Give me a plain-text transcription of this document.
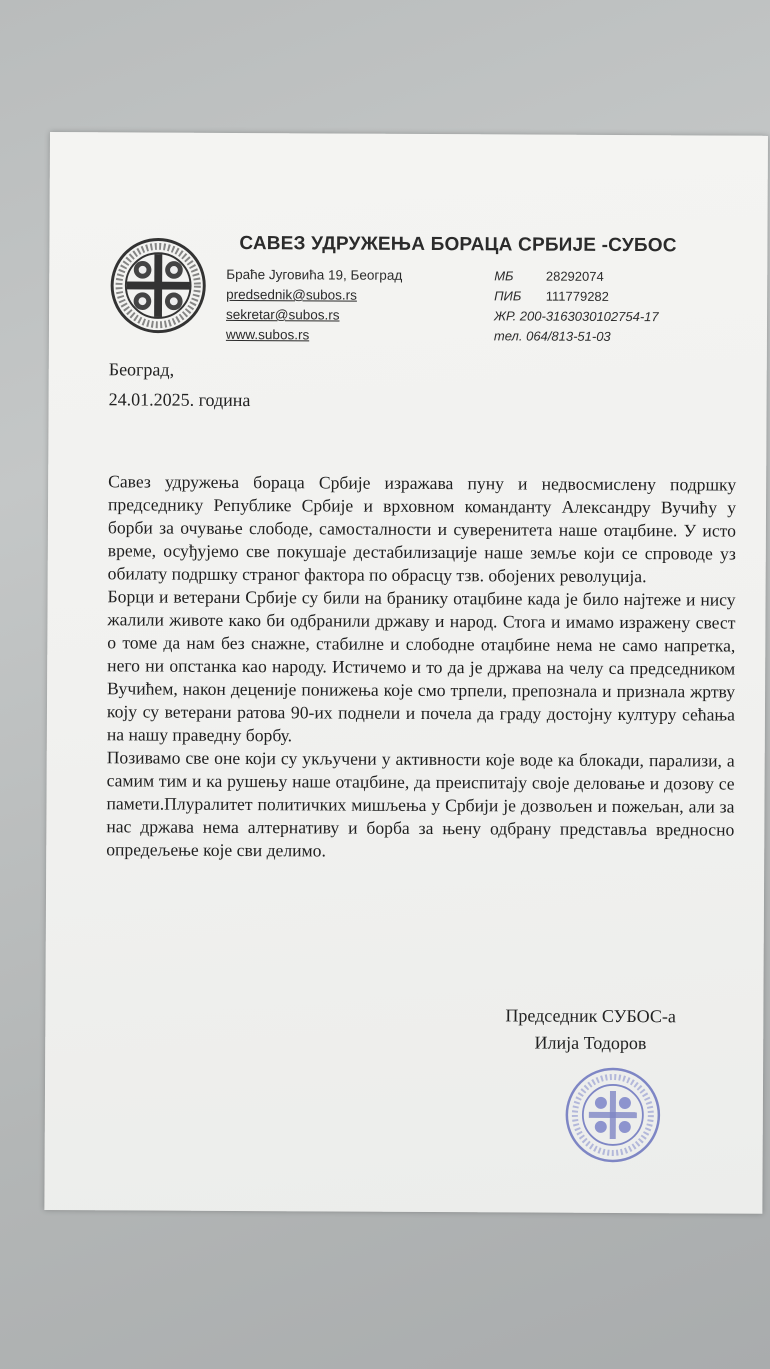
САВЕЗ УДРУЖЕЊА БОРАЦА СРБИЈЕ -СУБОС
Браће Југовића 19, Београд
predsednik@subos.rs
sekretar@subos.rs
www.subos.rs
МБ 28292074
ПИБ 111779282
ЖР. 200-3163030102754-17
тел. 064/813-51-03
Београд,
24.01.2025. година

Савез удружења бораца Србије изражава пуну и недвосмислену подршку председнику Републике Србије и врховном команданту Александру Вучићу у борби за очување слободе, самосталности и суверенитета наше отаџбине. У исто време, осуђујемо све покушаје дестабилизације наше земље који се спроводе уз обилату подршку страног фактора по обрасцу тзв. обојених револуција.

Борци и ветерани Србије су били на бранику отаџбине када је било најтеже и нису жалили животе како би одбранили државу и народ. Стога и имамо изражену свест о томе да нам без снажне, стабилне и слободне отаџбине нема не само напретка, него ни опстанка као народу. Истичемо и то да је држава на челу са председником Вучићем, након деценије понижења које смо трпели, препознала и признала жртву коју су ветерани ратова 90-их поднели и почела да граду достојну културу сећања на нашу праведну борбу.

Позивамо све оне који су укључени у активности које воде ка блокади, парализи, а самим тим и ка рушењу наше отаџбине, да преиспитају своје деловање и дозову се памети.Плуралитет политичких мишљења у Србији је дозвољен и пожељан, али за нас држава нема алтернативу и борба за њену одбрану представља вредносно опредељење које сви делимо.

Председник СУБОС-а
Илија Тодоров
